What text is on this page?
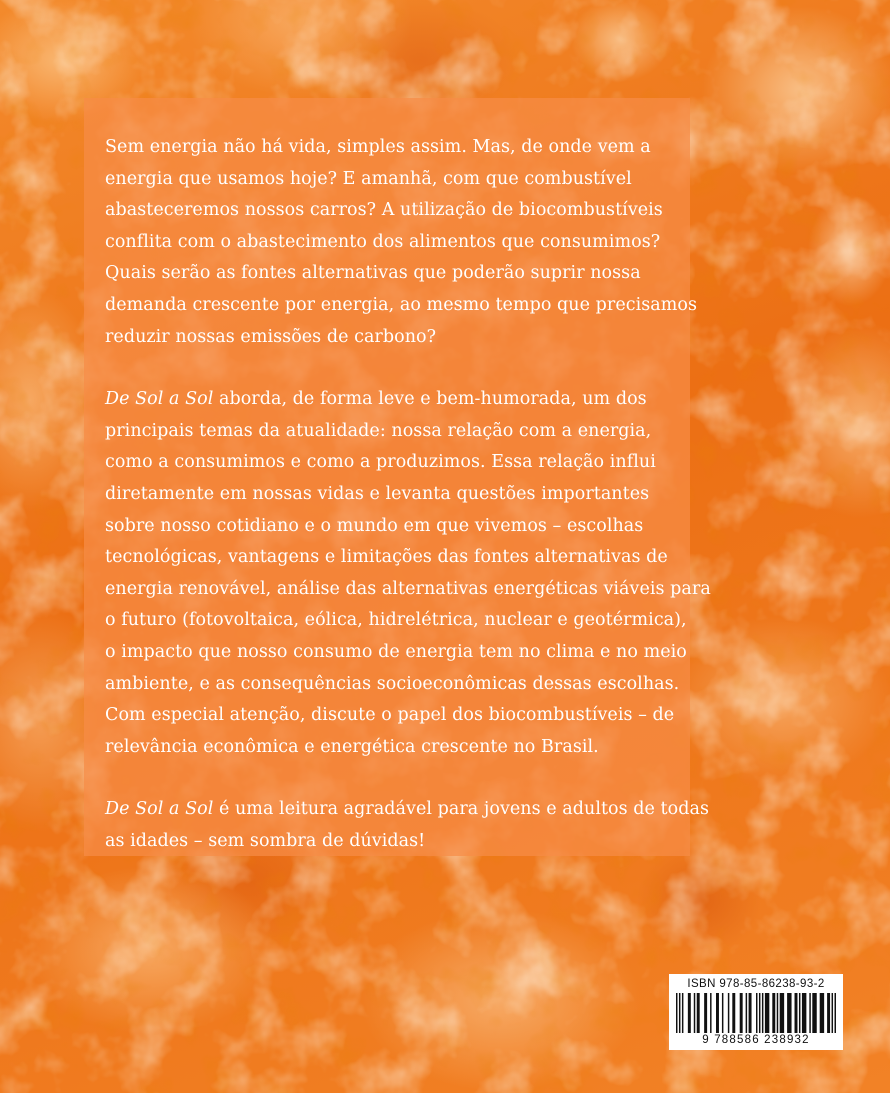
Sem energia não há vida, simples assim. Mas, de onde vem a
energia que usamos hoje? E amanhã, com que combustível
abasteceremos nossos carros? A utilização de biocombustíveis
conflita com o abastecimento dos alimentos que consumimos?
Quais serão as fontes alternativas que poderão suprir nossa
demanda crescente por energia, ao mesmo tempo que precisamos
reduzir nossas emissões de carbono?

De Sol a Sol aborda, de forma leve e bem-humorada, um dos
principais temas da atualidade: nossa relação com a energia,
como a consumimos e como a produzimos. Essa relação influi
diretamente em nossas vidas e levanta questões importantes
sobre nosso cotidiano e o mundo em que vivemos – escolhas
tecnológicas, vantagens e limitações das fontes alternativas de
energia renovável, análise das alternativas energéticas viáveis para
o futuro (fotovoltaica, eólica, hidrelétrica, nuclear e geotérmica),
o impacto que nosso consumo de energia tem no clima e no meio
ambiente, e as consequências socioeconômicas dessas escolhas.
Com especial atenção, discute o papel dos biocombustíveis – de
relevância econômica e energética crescente no Brasil.

De Sol a Sol é uma leitura agradável para jovens e adultos de todas
as idades – sem sombra de dúvidas!

ISBN 978-85-86238-93-2
9 788586 238932
